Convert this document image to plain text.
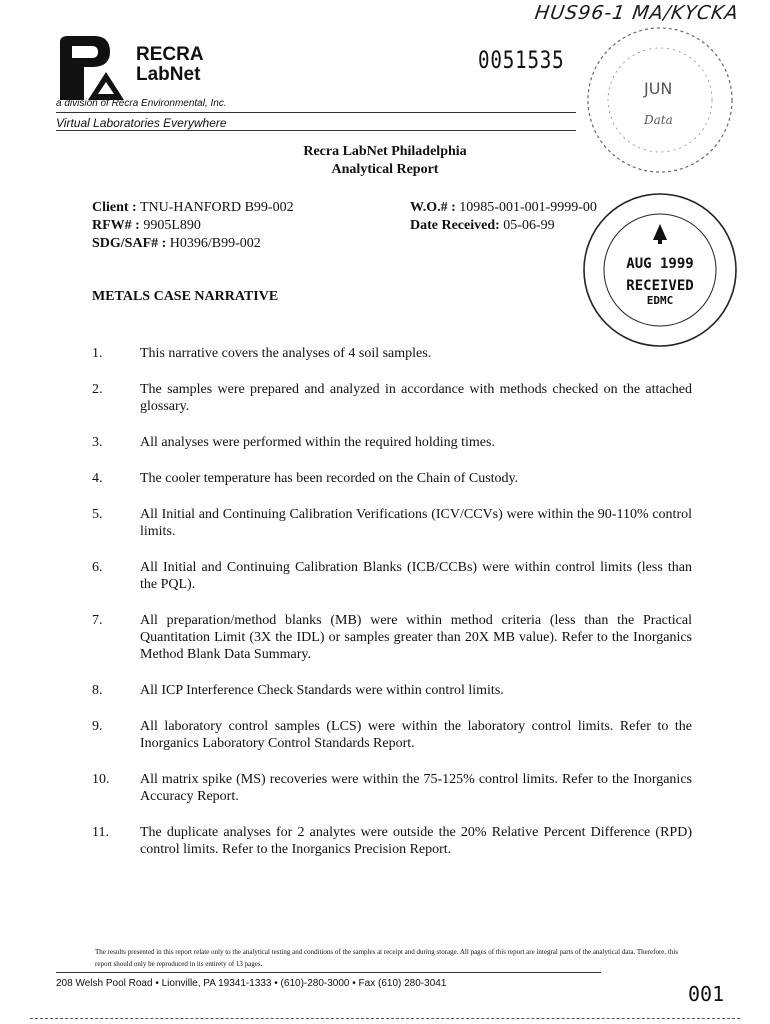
HUS96-1 MA/KYCKA
RECRA
LabNet
a division of Recra Environmental, Inc.
Virtual Laboratories Everywhere
0051535
JUN
Data
Recra LabNet Philadelphia
Analytical Report
Client : TNU-HANFORD B99-002
RFW# : 9905L890
SDG/SAF# : H0396/B99-002
W.O.# : 10985-001-001-9999-00
Date Received: 05-06-99
AUG 1999
RECEIVED
EDMC
METALS CASE NARRATIVE
1.	This narrative covers the analyses of 4 soil samples.
2.	The samples were prepared and analyzed in accordance with methods checked on the attached glossary.
3.	All analyses were performed within the required holding times.
4.	The cooler temperature has been recorded on the Chain of Custody.
5.	All Initial and Continuing Calibration Verifications (ICV/CCVs) were within the 90-110% control limits.
6.	All Initial and Continuing Calibration Blanks (ICB/CCBs) were within control limits (less than the PQL).
7.	All preparation/method blanks (MB) were within method criteria (less than the Practical Quantitation Limit (3X the IDL) or samples greater than 20X MB value). Refer to the Inorganics Method Blank Data Summary.
8.	All ICP Interference Check Standards were within control limits.
9.	All laboratory control samples (LCS) were within the laboratory control limits. Refer to the Inorganics Laboratory Control Standards Report.
10.	All matrix spike (MS) recoveries were within the 75-125% control limits. Refer to the Inorganics Accuracy Report.
11.	The duplicate analyses for 2 analytes were outside the 20% Relative Percent Difference (RPD) control limits. Refer to the Inorganics Precision Report.
The results presented in this report relate only to the analytical testing and conditions of the samples at receipt and during storage. All pages of this report are integral parts of the analytical data. Therefore, this report should only be reproduced in its entirety of 13 pages.
208 Welsh Pool Road • Lionville, PA 19341-1333 • (610)-280-3000 • Fax (610) 280-3041	001
